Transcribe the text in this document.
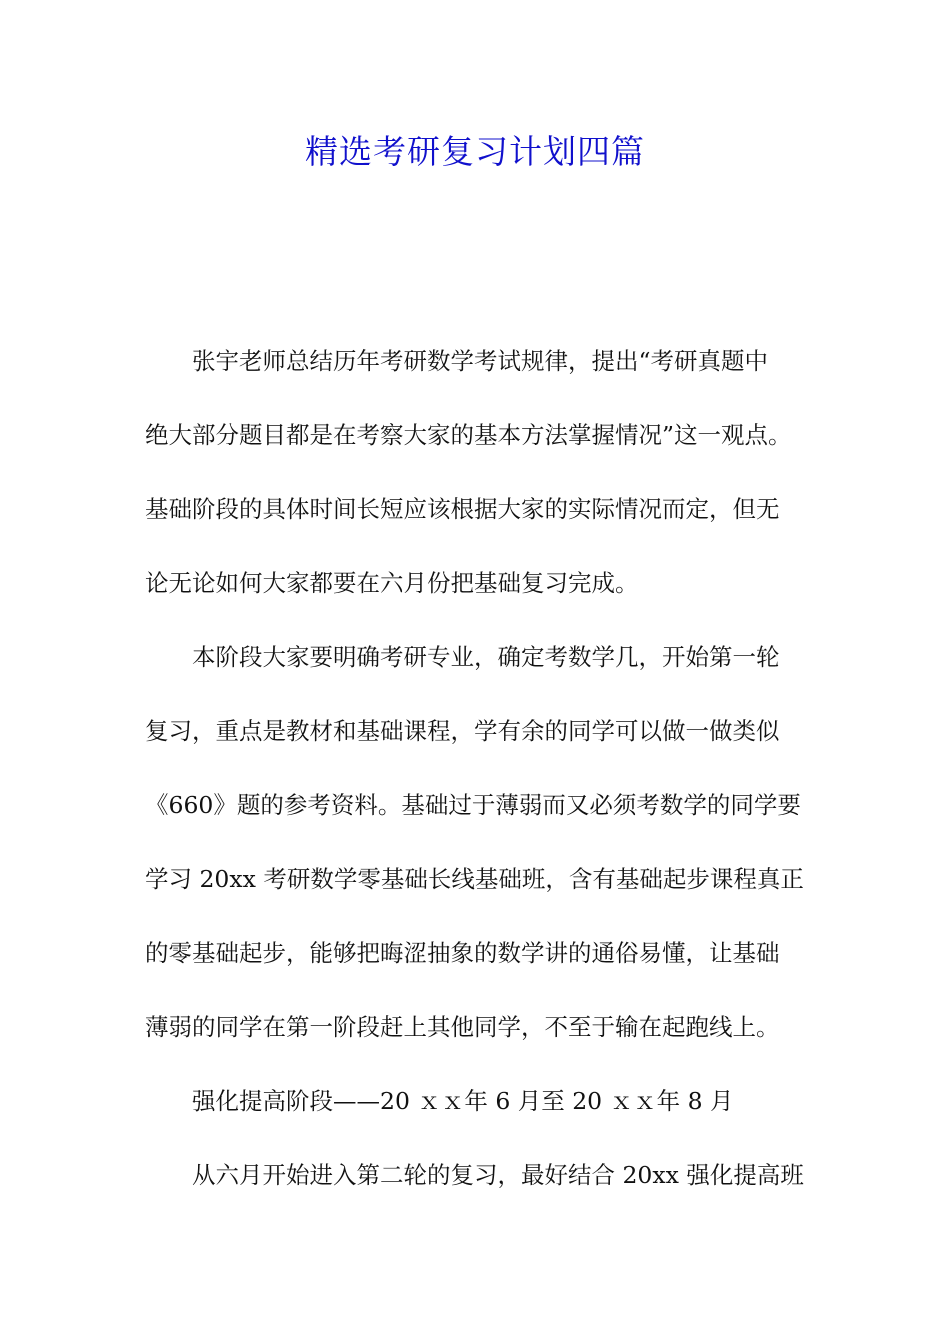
精选考研复习计划四篇
张宇老师总结历年考研数学考试规律，提出“考研真题中
绝大部分题目都是在考察大家的基本方法掌握情况”这一观点。
基础阶段的具体时间长短应该根据大家的实际情况而定，但无
论无论如何大家都要在六月份把基础复习完成。
本阶段大家要明确考研专业，确定考数学几，开始第一轮
复习，重点是教材和基础课程，学有余的同学可以做一做类似
《660》题的参考资料。基础过于薄弱而又必须考数学的同学要
学习 20xx 考研数学零基础长线基础班，含有基础起步课程真正
的零基础起步，能够把晦涩抽象的数学讲的通俗易懂，让基础
薄弱的同学在第一阶段赶上其他同学，不至于输在起跑线上。
强化提高阶段——20 ｘｘ年 6 月至 20 ｘｘ年 8 月
从六月开始进入第二轮的复习，最好结合 20xx 强化提高班
